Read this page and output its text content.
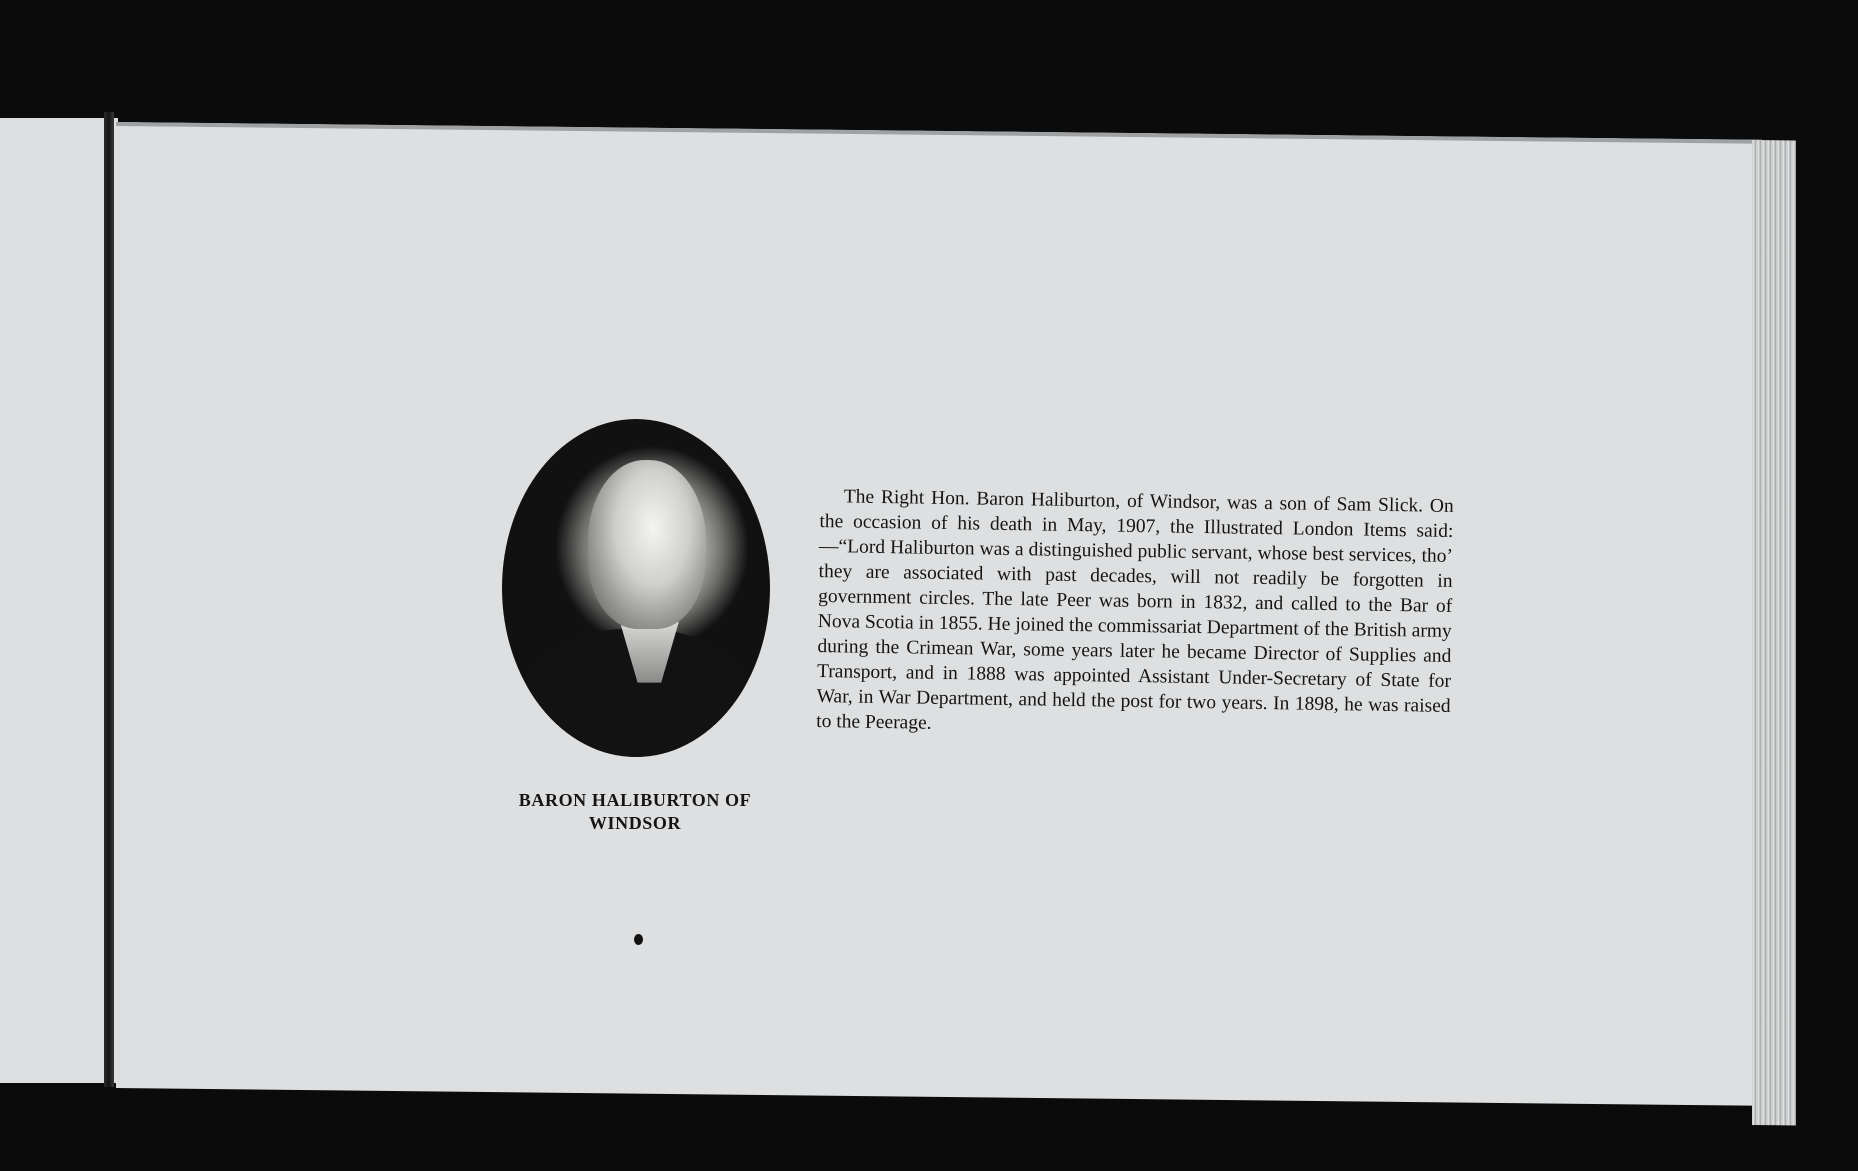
BARON HALIBURTON OF
WINDSOR
The Right Hon. Baron Haliburton, of Windsor, was a son of Sam Slick. On the occasion of his death in May, 1907, the Illustrated London Items said:—“Lord Haliburton was a distinguished public servant, whose best services, tho’ they are associated with past decades, will not readily be forgotten in government circles. The late Peer was born in 1832, and called to the Bar of Nova Scotia in 1855. He joined the commissariat Department of the British army during the Crimean War, some years later he became Director of Supplies and Transport, and in 1888 was appointed Assistant Under-Secretary of State for War, in War Department, and held the post for two years. In 1898, he was raised to the Peerage.
